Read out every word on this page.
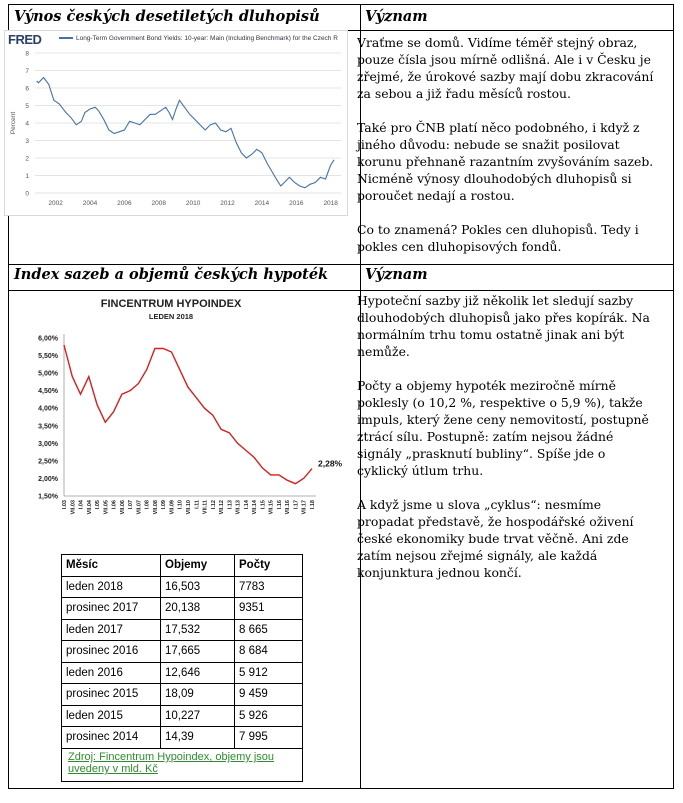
Výnos českých desetiletých dluhopisů	Význam
FRED	Long-Term Government Bond Yields: 10-year: Main (Including Benchmark) for the Czech R
0
1
2
3
4
5
6
7
8
2002	2004	2006	2008	2010	2012	2014	2016	2018
Percent

Vraťme se domů. Vidíme téměř stejný obraz, pouze čísla jsou mírně odlišná. Ale i v Česku je zřejmé, že úrokové sazby mají dobu zkracování za sebou a již řadu měsíců rostou.

Také pro ČNB platí něco podobného, i když z jiného důvodu: nebude se snažit posilovat korunu přehnaně razantním zvyšováním sazeb. Nicméně výnosy dlouhodobých dluhopisů si poroučet nedají a rostou.

Co to znamená? Pokles cen dluhopisů. Tedy i pokles cen dluhopisových fondů.

Index sazeb a objemů českých hypoték	Význam
FINCENTRUM HYPOINDEX
LEDEN 2018
6,00%
5,50%
5,00%
4,50%
4,00%
3,50%
3,00%
2,50%
2,00%
1,50%
I.03 VII.03 I.04 VII.04 I.05 VII.05 I.06 VII.06 I.07 VII.07 I.08 VII.08 I.09 VII.09 I.10 VII.10 I.11 VII.11 I.12 VII.12 I.13 VII.13 I.14 VII.14 I.15 VII.15 I.16 VII.16 I.17 VII.17 I.18
2,28%
Měsíc	Objemy	Počty
leden 2018	16,503	7783
prosinec 2017	20,138	9351
leden 2017	17,532	8 665
prosinec 2016	17,665	8 684
leden 2016	12,646	5 912
prosinec 2015	18,09	9 459
leden 2015	10,227	5 926
prosinec 2014	14,39	7 995
Zdroj: Fincentrum Hypoindex, objemy jsou uvedeny v mld. Kč

Hypoteční sazby již několik let sledují sazby dlouhodobých dluhopisů jako přes kopírák. Na normálním trhu tomu ostatně jinak ani být nemůže.

Počty a objemy hypoték meziročně mírně poklesly (o 10,2 %, respektive o 5,9 %), takže impuls, který žene ceny nemovitostí, postupně ztrácí sílu. Postupně: zatím nejsou žádné signály „prasknutí bubliny“. Spíše jde o cyklický útlum trhu.

A když jsme u slova „cyklus“: nesmíme propadat představě, že hospodářské oživení české ekonomiky bude trvat věčně. Ani zde zatím nejsou zřejmé signály, ale každá konjunktura jednou končí.
